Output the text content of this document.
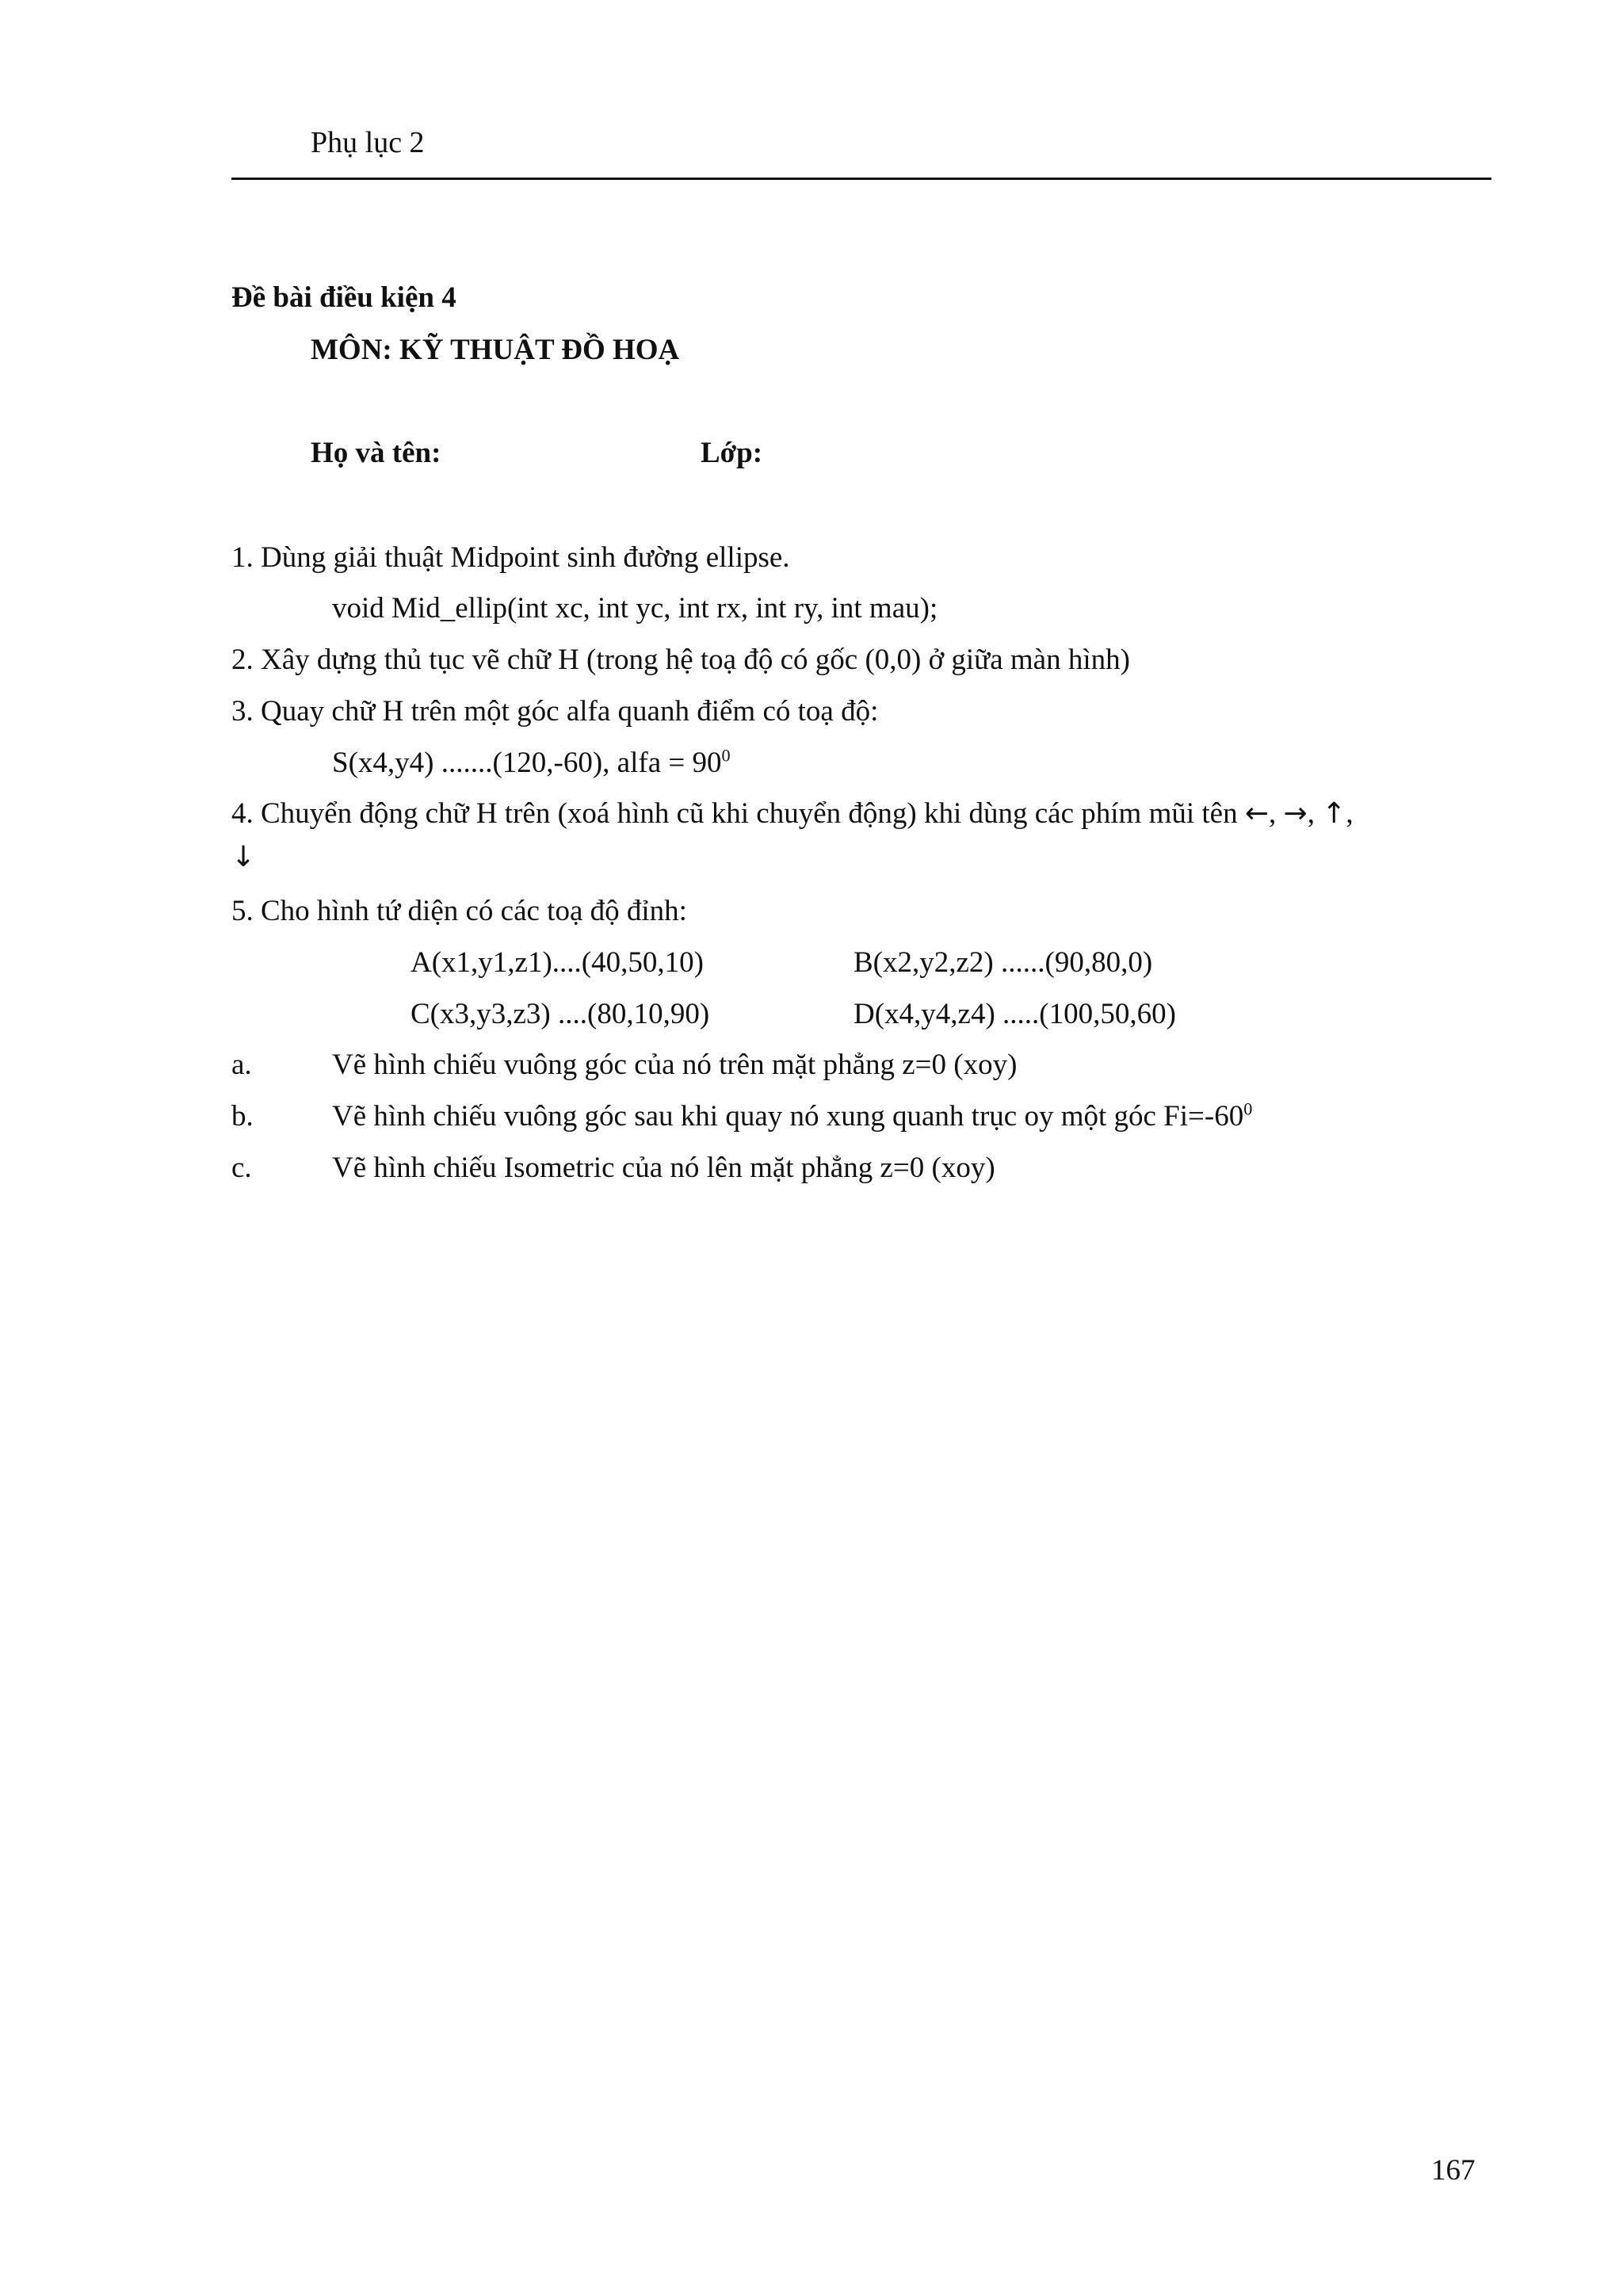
Phụ lục 2
Đề bài điều kiện 4
MÔN: KỸ THUẬT ĐỒ HOẠ
Họ và tên:	Lớp:
1. Dùng giải thuật Midpoint sinh đường ellipse.
void Mid_ellip(int xc, int yc, int rx, int ry, int mau);
2. Xây dựng thủ tục vẽ chữ H (trong hệ toạ độ có gốc (0,0) ở giữa màn hình)
3. Quay chữ H trên một góc alfa quanh điểm có toạ độ:
S(x4,y4) .......(120,-60), alfa = $90^0$
4. Chuyển động chữ H trên (xoá hình cũ khi chuyển động) khi dùng các phím mũi tên ←, →, ↑,
↓
5. Cho hình tứ diện có các toạ độ đỉnh:
A(x1,y1,z1)....(40,50,10)	B(x2,y2,z2) ......(90,80,0)
C(x3,y3,z3) ....(80,10,90)	D(x4,y4,z4) .....(100,50,60)
a.	Vẽ hình chiếu vuông góc của nó trên mặt phẳng z=0 (xoy)
b.	Vẽ hình chiếu vuông góc sau khi quay nó xung quanh trục oy một góc $Fi=-60^0$
c.	Vẽ hình chiếu Isometric của nó lên mặt phẳng z=0 (xoy)
167
